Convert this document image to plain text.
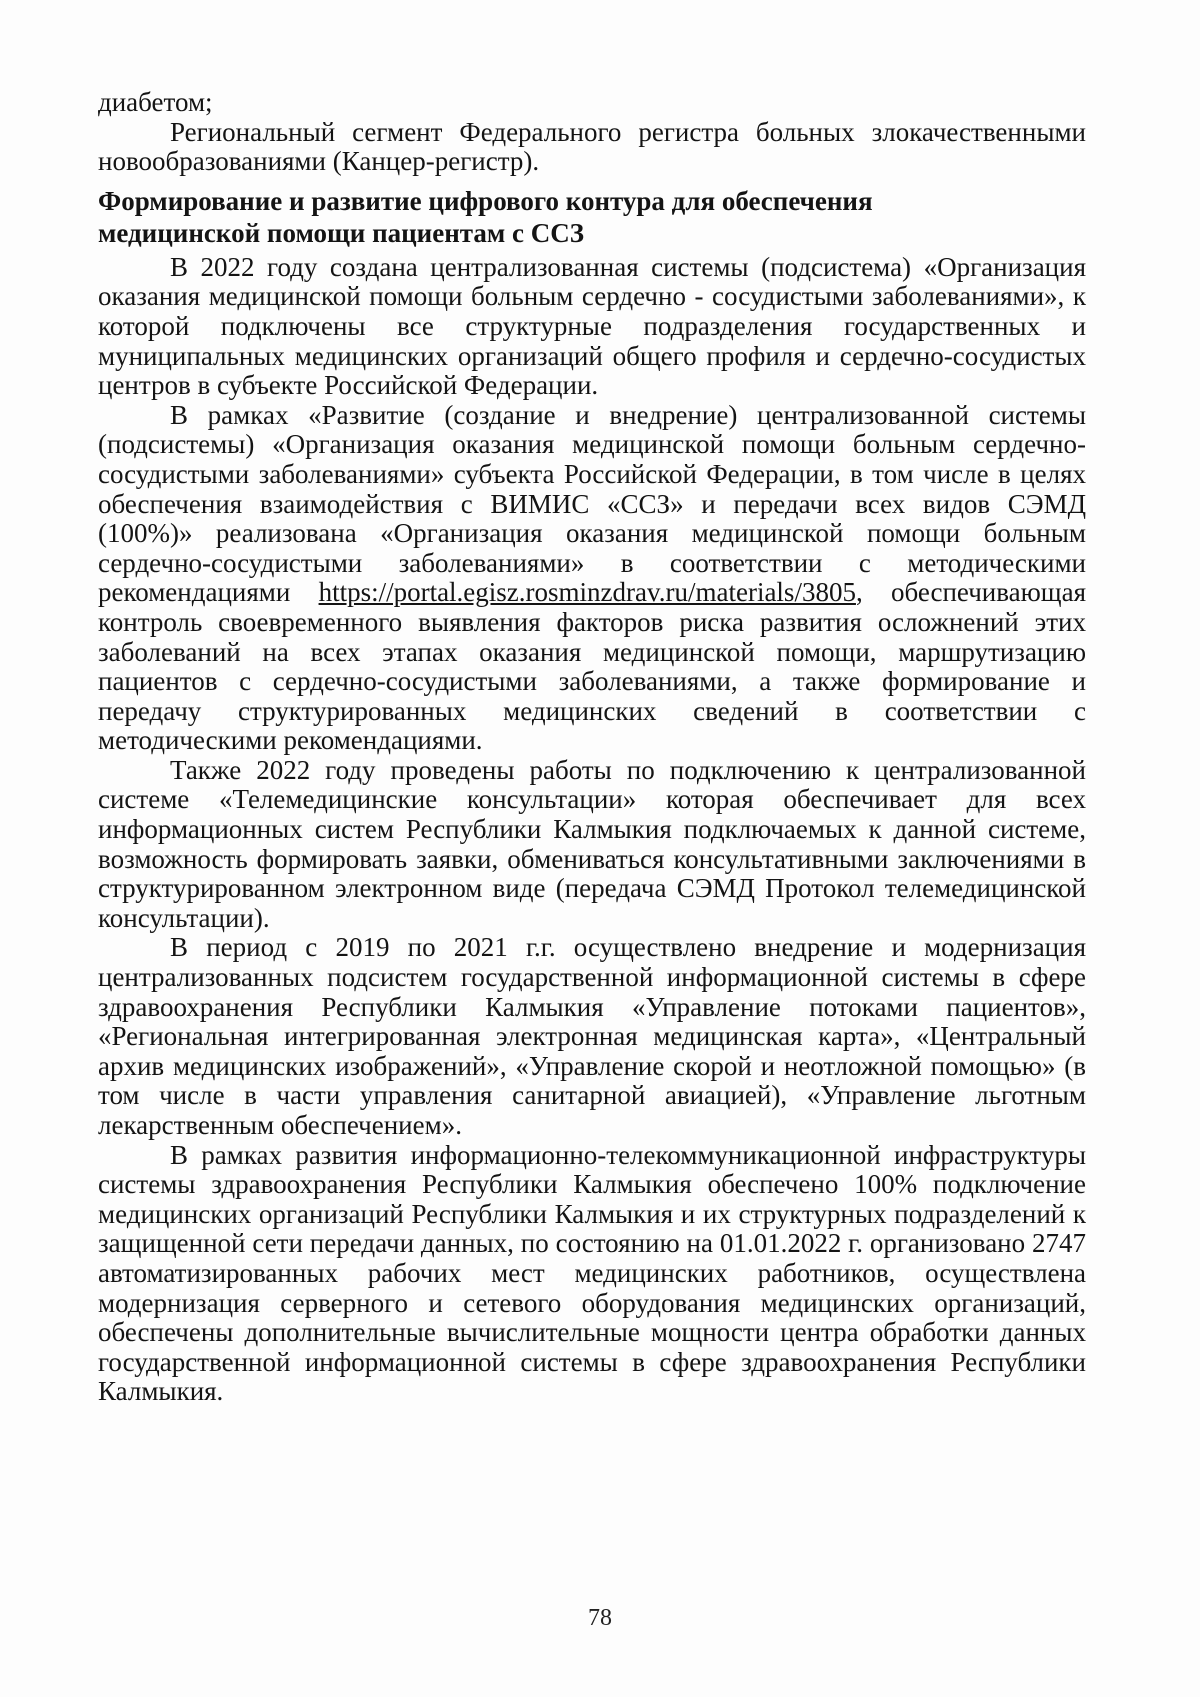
диабетом;

Региональный сегмент Федерального регистра больных злокачественными новообразованиями (Канцер-регистр).

Формирование и развитие цифрового контура для обеспечения
медицинской помощи пациентам с ССЗ

В 2022 году создана централизованная системы (подсистема) «Организация оказания медицинской помощи больным сердечно - сосудистыми заболеваниями», к которой подключены все структурные подразделения государственных и муниципальных медицинских организаций общего профиля и сердечно-сосудистых центров в субъекте Российской Федерации.

В рамках «Развитие (создание и внедрение) централизованной системы (подсистемы) «Организация оказания медицинской помощи больным сердечно-сосудистыми заболеваниями» субъекта Российской Федерации, в том числе в целях обеспечения взаимодействия с ВИМИС «ССЗ» и передачи всех видов СЭМД (100%)» реализована «Организация оказания медицинской помощи больным сердечно-сосудистыми заболеваниями» в соответствии с методическими рекомендациями https://portal.egisz.rosminzdrav.ru/materials/3805, обеспечивающая контроль своевременного выявления факторов риска развития осложнений этих заболеваний на всех этапах оказания медицинской помощи, маршрутизацию пациентов с сердечно-сосудистыми заболеваниями, а также формирование и передачу структурированных медицинских сведений в соответствии с методическими рекомендациями.

Также 2022 году проведены работы по подключению к централизованной системе «Телемедицинские консультации» которая обеспечивает для всех информационных систем Республики Калмыкия подключаемых к данной системе, возможность формировать заявки, обмениваться консультативными заключениями в структурированном электронном виде (передача СЭМД Протокол телемедицинской консультации).

В период с 2019 по 2021 г.г. осуществлено внедрение и модернизация централизованных подсистем государственной информационной системы в сфере здравоохранения Республики Калмыкия «Управление потоками пациентов», «Региональная интегрированная электронная медицинская карта», «Центральный архив медицинских изображений», «Управление скорой и неотложной помощью» (в том числе в части управления санитарной авиацией), «Управление льготным лекарственным обеспечением».

В рамках развития информационно-телекоммуникационной инфраструктуры системы здравоохранения Республики Калмыкия обеспечено 100% подключение медицинских организаций Республики Калмыкия и их структурных подразделений к защищенной сети передачи данных, по состоянию на 01.01.2022 г. организовано 2747 автоматизированных рабочих мест медицинских работников, осуществлена модернизация серверного и сетевого оборудования медицинских организаций, обеспечены дополнительные вычислительные мощности центра обработки данных государственной информационной системы в сфере здравоохранения Республики Калмыкия.

78
